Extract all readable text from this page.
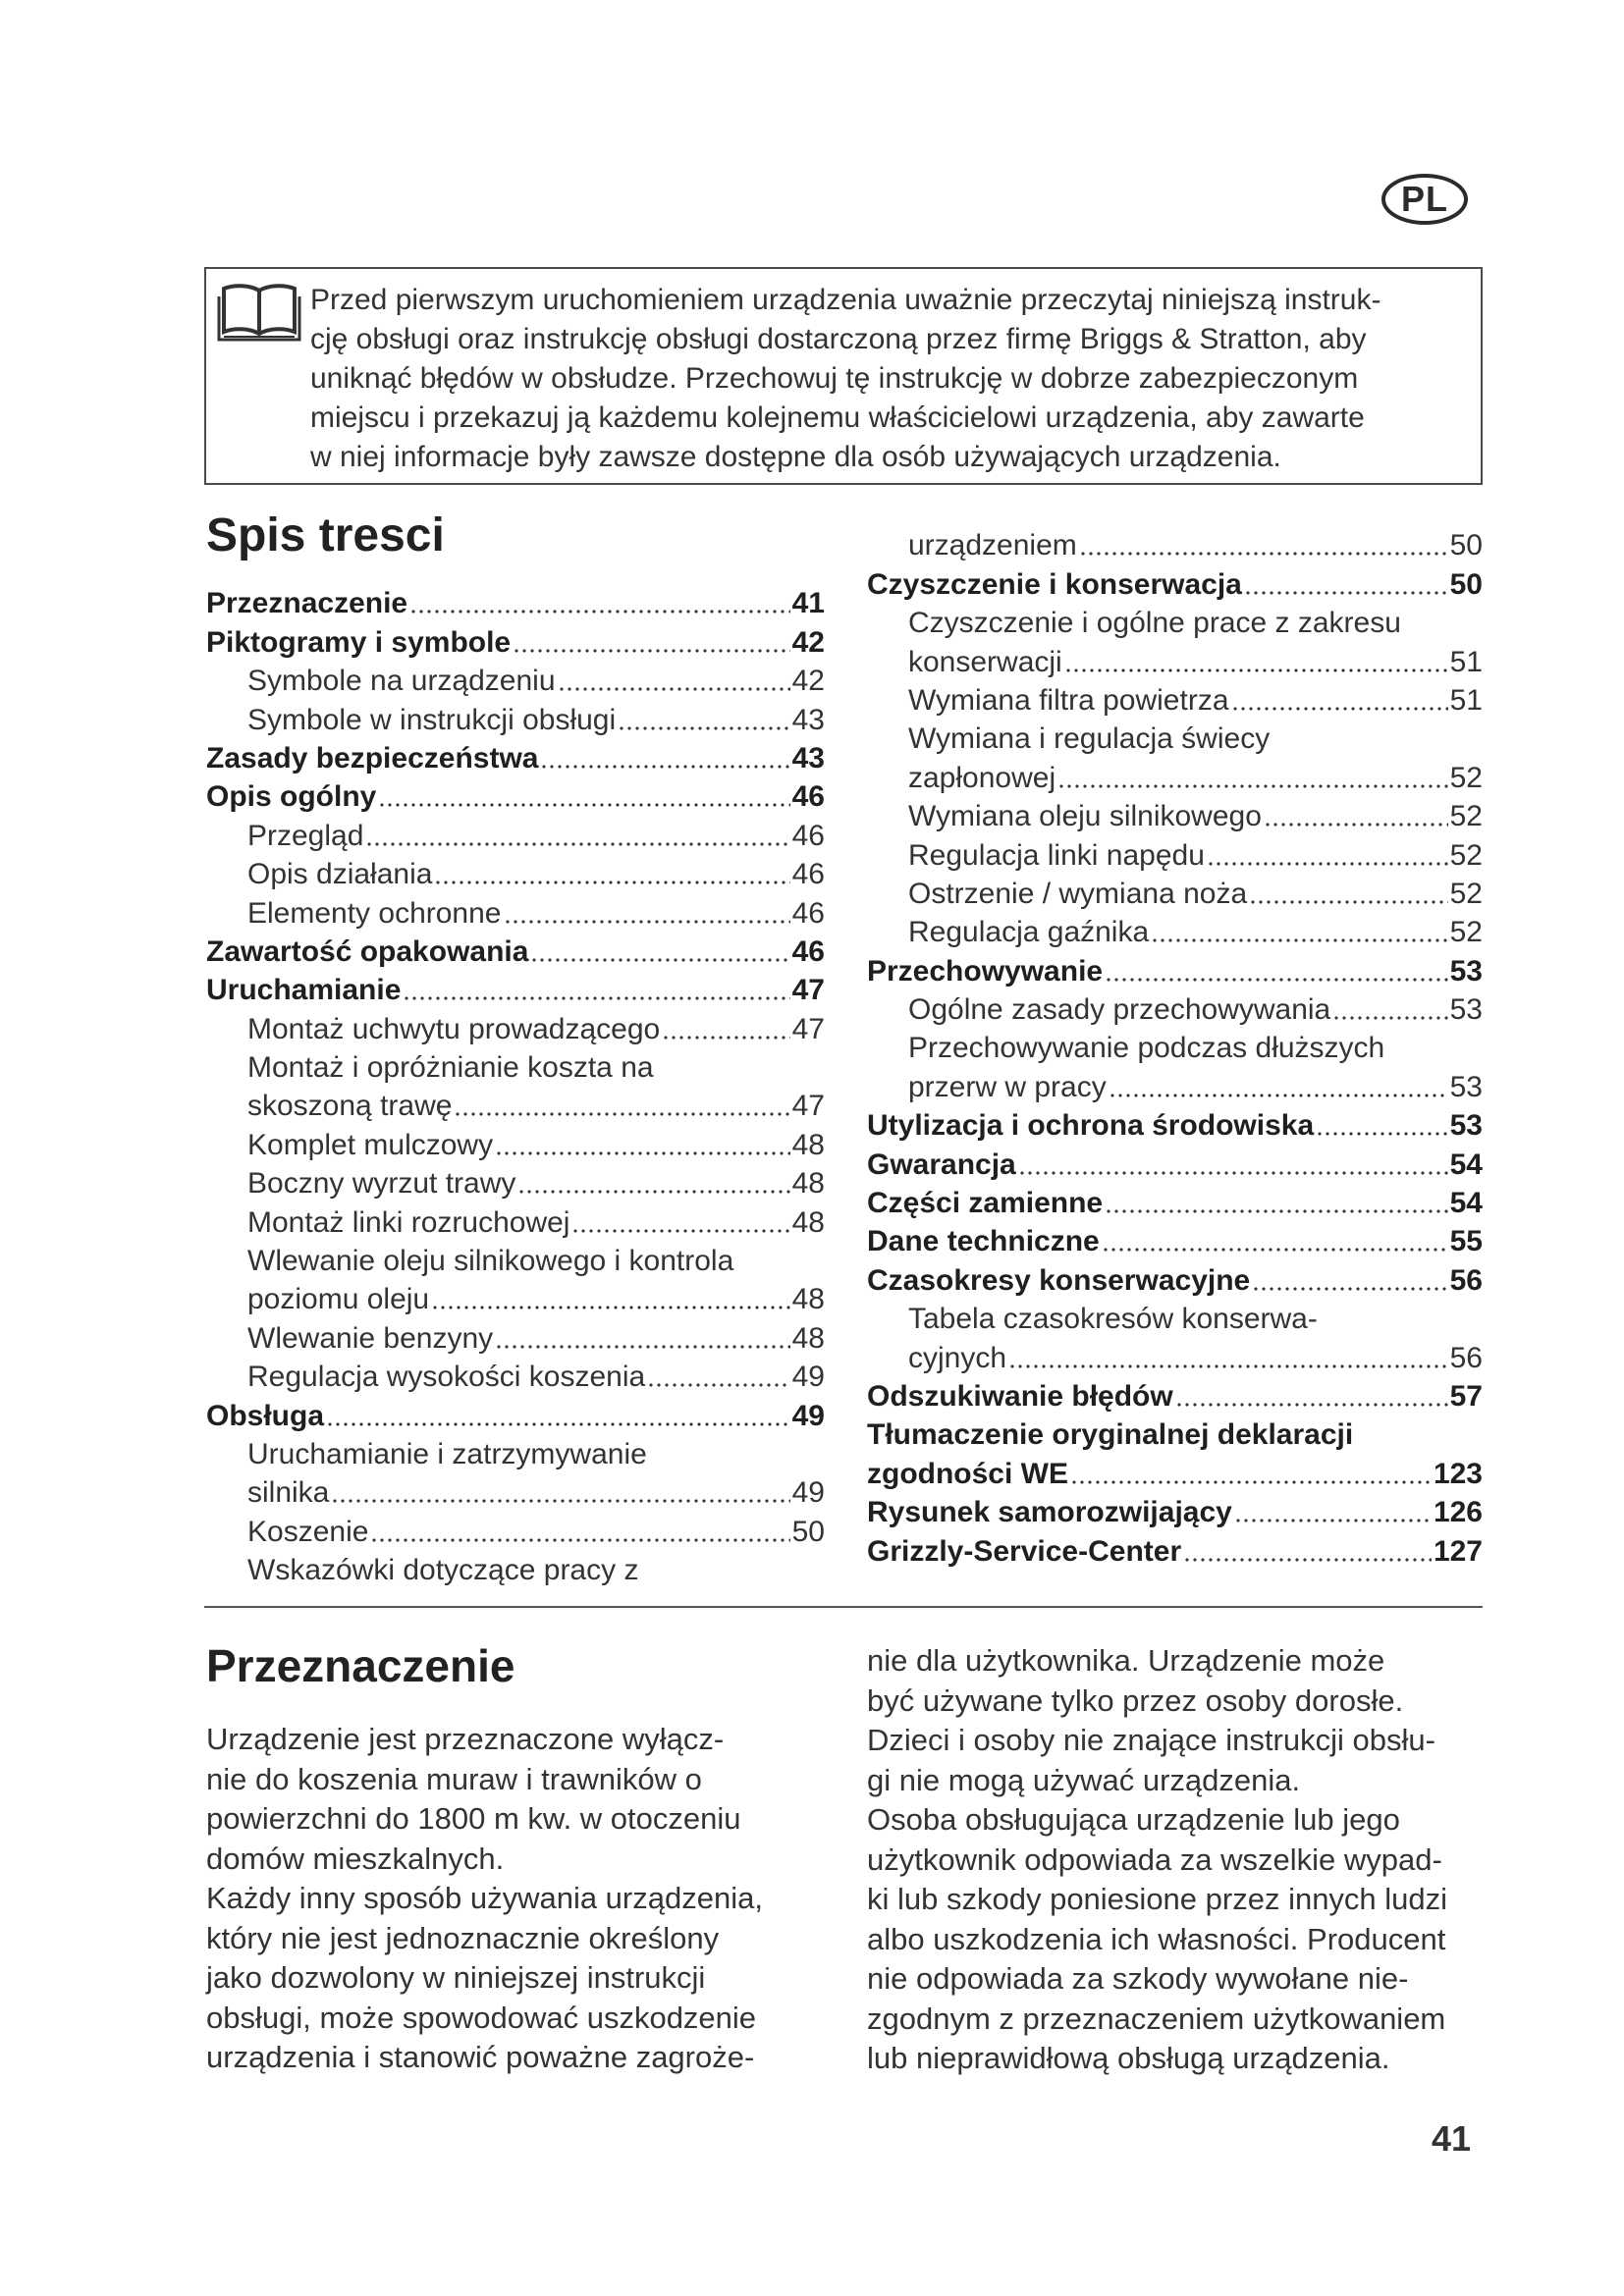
PL

Przed pierwszym uruchomieniem urządzenia uważnie przeczytaj niniejszą instruk-
cję obsługi oraz instrukcję obsługi dostarczoną przez firmę Briggs & Stratton, aby
uniknąć błędów w obsłudze. Przechowuj tę instrukcję w dobrze zabezpieczonym
miejscu i przekazuj ją każdemu kolejnemu właścicielowi urządzenia, aby zawarte
w niej informacje były zawsze dostępne dla osób używających urządzenia.

Spis tresci
Przeznaczenie	41
Piktogramy i symbole	42
Symbole na urządzeniu	42
Symbole w instrukcji obsługi	43
Zasady bezpieczeństwa	43
Opis ogólny	46
Przegląd	46
Opis działania	46
Elementy ochronne	46
Zawartość opakowania	46
Uruchamianie	47
Montaż uchwytu prowadzącego	47
Montaż i opróżnianie koszta na
skoszoną trawę	47
Komplet mulczowy	48
Boczny wyrzut trawy	48
Montaż linki rozruchowej	48
Wlewanie oleju silnikowego i kontrola
poziomu oleju	48
Wlewanie benzyny	48
Regulacja wysokości koszenia	49
Obsługa	49
Uruchamianie i zatrzymywanie
silnika	49
Koszenie	50
Wskazówki dotyczące pracy z
urządzeniem	50
Czyszczenie i konserwacja	50
Czyszczenie i ogólne prace z zakresu
konserwacji	51
Wymiana filtra powietrza	51
Wymiana i regulacja świecy
zapłonowej	52
Wymiana oleju silnikowego	52
Regulacja linki napędu	52
Ostrzenie / wymiana noża	52
Regulacja gaźnika	52
Przechowywanie	53
Ogólne zasady przechowywania	53
Przechowywanie podczas dłuższych
przerw w pracy	53
Utylizacja i ochrona środowiska	53
Gwarancja	54
Części zamienne	54
Dane techniczne	55
Czasokresy konserwacyjne	56
Tabela czasokresów konserwa-
cyjnych	56
Odszukiwanie błędów	57
Tłumaczenie oryginalnej deklaracji
zgodności WE	123
Rysunek samorozwijający	126
Grizzly-Service-Center	127
Przeznaczenie

Urządzenie jest przeznaczone wyłącz-
nie do koszenia muraw i trawników o
powierzchni do 1800 m kw. w otoczeniu
domów mieszkalnych.
Każdy inny sposób używania urządzenia,
który nie jest jednoznacznie określony
jako dozwolony w niniejszej instrukcji
obsługi, może spowodować uszkodzenie
urządzenia i stanowić poważne zagroże-

nie dla użytkownika. Urządzenie może
być używane tylko przez osoby dorosłe.
Dzieci i osoby nie znające instrukcji obsłu-
gi nie mogą używać urządzenia.
Osoba obsługująca urządzenie lub jego
użytkownik odpowiada za wszelkie wypad-
ki lub szkody poniesione przez innych ludzi
albo uszkodzenia ich własności. Producent
nie odpowiada za szkody wywołane nie-
zgodnym z przeznaczeniem użytkowaniem
lub nieprawidłową obsługą urządzenia.

41
